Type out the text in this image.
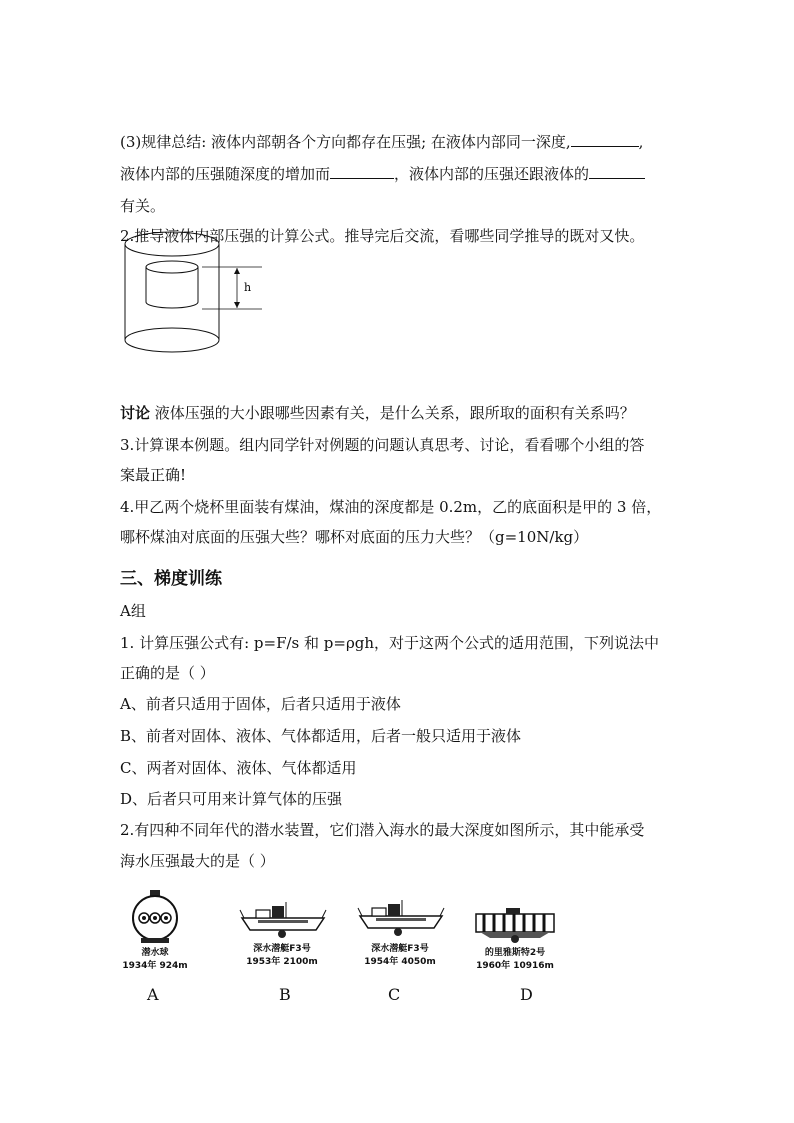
(3)规律总结: 液体内部朝各个方向都存在压强; 在液体内部同一深度,	,
液体内部的压强随深度的增加而	，液体内部的压强还跟液体的
有关。
2.推导液体内部压强的计算公式。推导完后交流，看哪些同学推导的既对又快。
h
讨论 液体压强的大小跟哪些因素有关，是什么关系，跟所取的面积有关系吗？
3.计算课本例题。组内同学针对例题的问题认真思考、讨论，看看哪个小组的答
案最正确!
4.甲乙两个烧杯里面装有煤油，煤油的深度都是 0.2m，乙的底面积是甲的 3 倍，
哪杯煤油对底面的压强大些？哪杯对底面的压力大些？（g=10N/kg）
三、梯度训练
A组
1. 计算压强公式有: p=F/s 和 p=ρgh，对于这两个公式的适用范围，下列说法中
正确的是（ ）
A、前者只适用于固体，后者只适用于液体
B、前者对固体、液体、气体都适用，后者一般只适用于液体
C、两者对固体、液体、气体都适用
D、后者只可用来计算气体的压强
2.有四种不同年代的潜水装置，它们潜入海水的最大深度如图所示，其中能承受
海水压强最大的是（ ）
潜水球
1934年 924m
深水潜艇F3号
1953年 2100m
深水潜艇F3号
1954年 4050m
的里雅斯特2号
1960年 10916m
A	B	C	D
